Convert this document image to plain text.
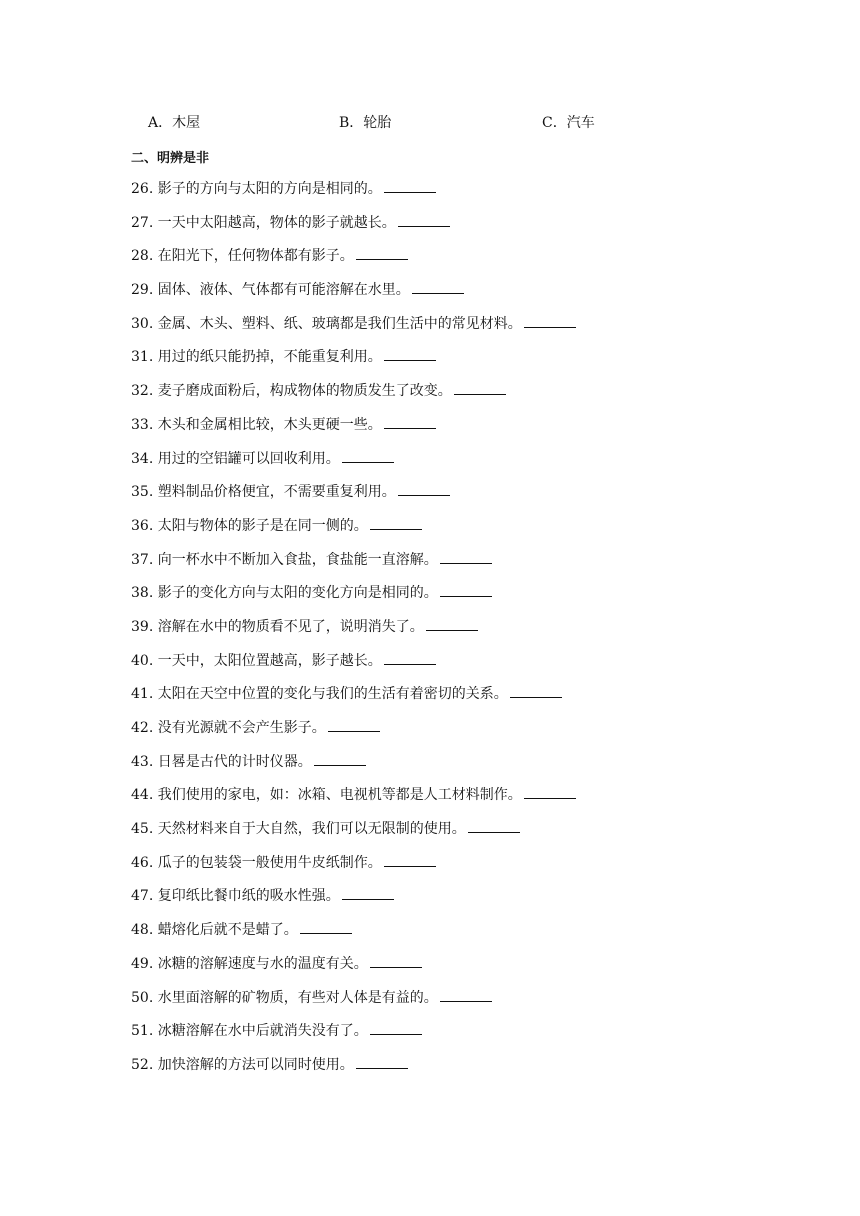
A．木屋	B．轮胎	C．汽车
二、明辨是非
26. 影子的方向与太阳的方向是相同的。
27. 一天中太阳越高，物体的影子就越长。
28. 在阳光下，任何物体都有影子。
29. 固体、液体、气体都有可能溶解在水里。
30. 金属、木头、塑料、纸、玻璃都是我们生活中的常见材料。
31. 用过的纸只能扔掉，不能重复利用。
32. 麦子磨成面粉后，构成物体的物质发生了改变。
33. 木头和金属相比较，木头更硬一些。
34. 用过的空铝罐可以回收利用。
35. 塑料制品价格便宜，不需要重复利用。
36. 太阳与物体的影子是在同一侧的。
37. 向一杯水中不断加入食盐，食盐能一直溶解。
38. 影子的变化方向与太阳的变化方向是相同的。
39. 溶解在水中的物质看不见了，说明消失了。
40. 一天中，太阳位置越高，影子越长。
41. 太阳在天空中位置的变化与我们的生活有着密切的关系。
42. 没有光源就不会产生影子。
43. 日晷是古代的计时仪器。
44. 我们使用的家电，如：冰箱、电视机等都是人工材料制作。
45. 天然材料来自于大自然，我们可以无限制的使用。
46. 瓜子的包装袋一般使用牛皮纸制作。
47. 复印纸比餐巾纸的吸水性强。
48. 蜡熔化后就不是蜡了。
49. 冰糖的溶解速度与水的温度有关。
50. 水里面溶解的矿物质，有些对人体是有益的。
51. 冰糖溶解在水中后就消失没有了。
52. 加快溶解的方法可以同时使用。
